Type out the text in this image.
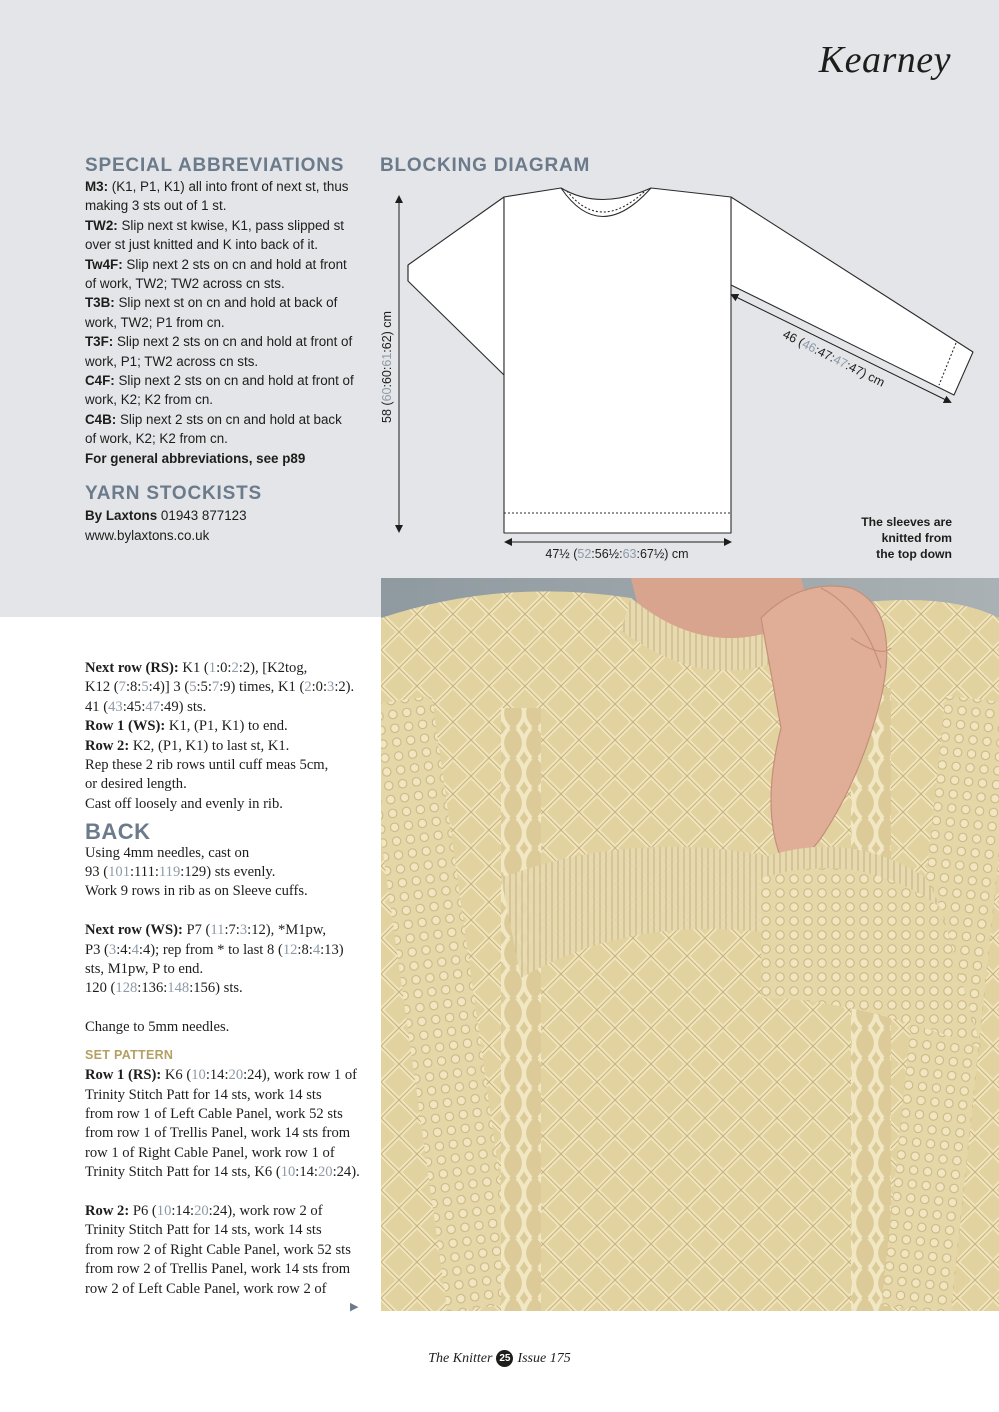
Kearney
SPECIAL ABBREVIATIONS

M3: (K1, P1, K1) all into front of next st, thus making 3 sts out of 1 st.

TW2: Slip next st kwise, K1, pass slipped st over st just knitted and K into back of it.

Tw4F: Slip next 2 sts on cn and hold at front of work, TW2; TW2 across cn sts.

T3B: Slip next st on cn and hold at back of work, TW2; P1 from cn.

T3F: Slip next 2 sts on cn and hold at front of work, P1; TW2 across cn sts.

C4F: Slip next 2 sts on cn and hold at front of work, K2; K2 from cn.

C4B: Slip next 2 sts on cn and hold at back of work, K2; K2 from cn.

For general abbreviations, see p89

YARN STOCKISTS

By Laxtons 01943 877123

www.bylaxtons.co.uk

BLOCKING DIAGRAM
58 (60:60:61:62) cm	46 (46:47:47:47) cm
47½ (52:56½:63:67½) cm

The sleeves are

knitted from

the top down

Next row (RS): K1 (1:0:2:2), [K2tog,

K12 (7:8:5:4)] 3 (5:5:7:9) times, K1 (2:0:3:2).

41 (43:45:47:49) sts.

Row 1 (WS): K1, (P1, K1) to end.

Row 2: K2, (P1, K1) to last st, K1.

Rep these 2 rib rows until cuff meas 5cm,

or desired length.

Cast off loosely and evenly in rib.

BACK

Using 4mm needles, cast on

93 (101:111:119:129) sts evenly.

Work 9 rows in rib as on Sleeve cuffs.

Next row (WS): P7 (11:7:3:12), *M1pw,

P3 (3:4:4:4); rep from * to last 8 (12:8:4:13)

sts, M1pw, P to end.

120 (128:136:148:156) sts.

Change to 5mm needles.

SET PATTERN

Row 1 (RS): K6 (10:14:20:24), work row 1 of

Trinity Stitch Patt for 14 sts, work 14 sts

from row 1 of Left Cable Panel, work 52 sts

from row 1 of Trellis Panel, work 14 sts from

row 1 of Right Cable Panel, work row 1 of

Trinity Stitch Patt for 14 sts, K6 (10:14:20:24).

Row 2: P6 (10:14:20:24), work row 2 of

Trinity Stitch Patt for 14 sts, work 14 sts

from row 2 of Right Cable Panel, work 52 sts

from row 2 of Trellis Panel, work 14 sts from

row 2 of Left Cable Panel, work row 2 of

▶
The Knitter 25 Issue 175
